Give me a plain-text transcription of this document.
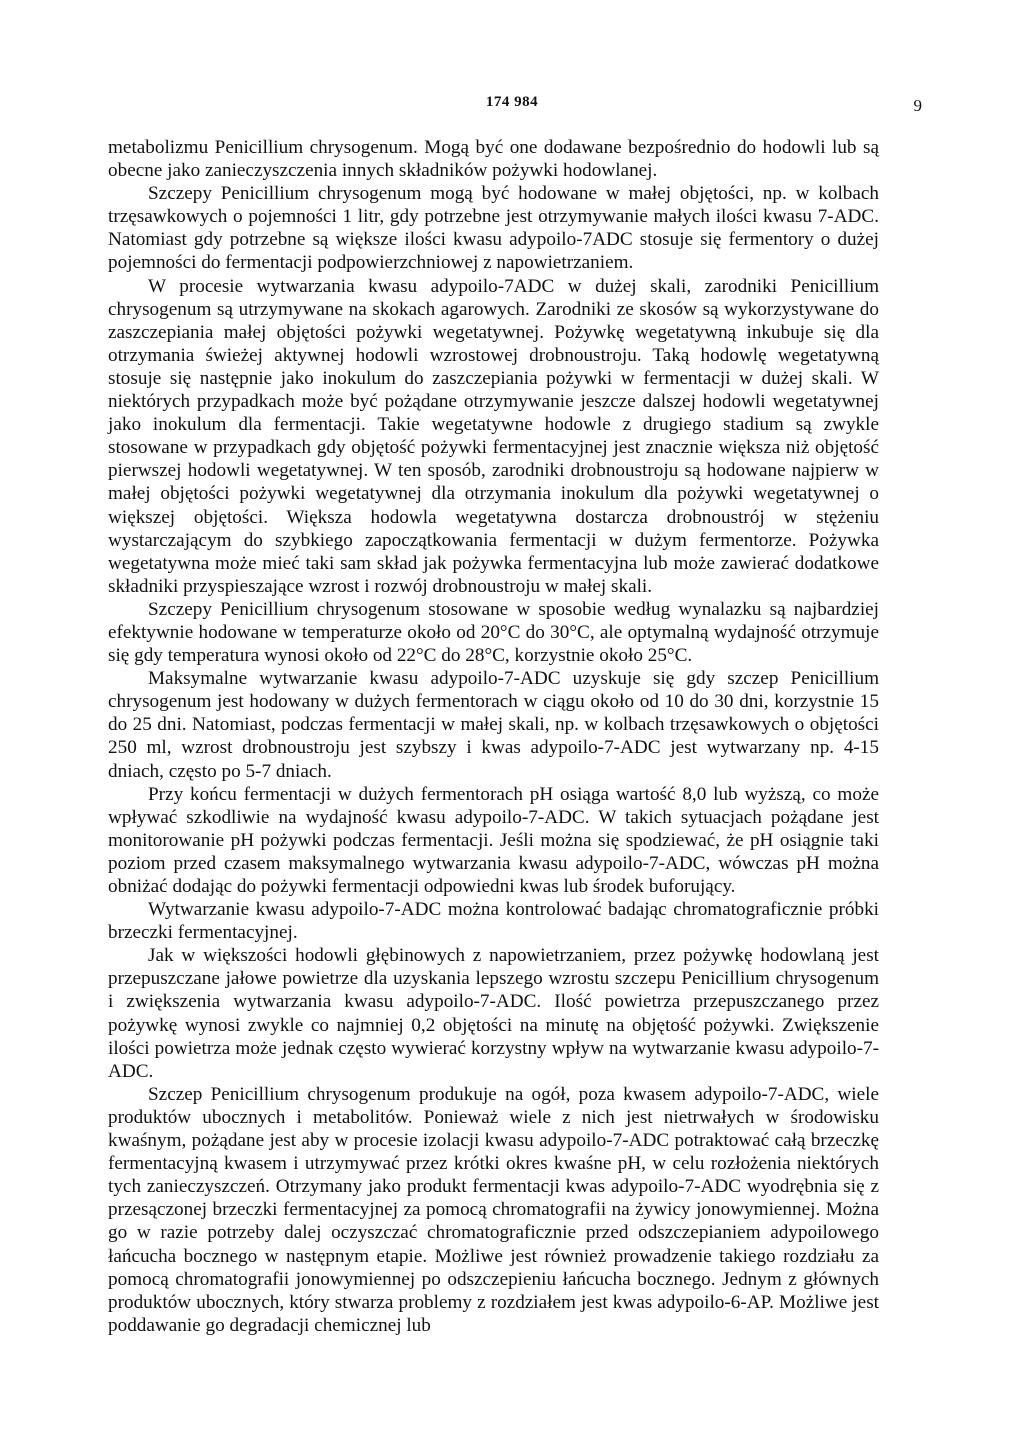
174 984	9

metabolizmu Penicillium chrysogenum. Mogą być one dodawane bezpośrednio do hodowli lub są obecne jako zanieczyszczenia innych składników pożywki hodowlanej.

Szczepy Penicillium chrysogenum mogą być hodowane w małej objętości, np. w kolbach trzęsawkowych o pojemności 1 litr, gdy potrzebne jest otrzymywanie małych ilości kwasu 7-ADC. Natomiast gdy potrzebne są większe ilości kwasu adypoilo-7ADC stosuje się fermentory o dużej pojemności do fermentacji podpowierzchniowej z napowietrzaniem.

W procesie wytwarzania kwasu adypoilo-7ADC w dużej skali, zarodniki Penicillium chrysogenum są utrzymywane na skokach agarowych. Zarodniki ze skosów są wykorzystywane do zaszczepiania małej objętości pożywki wegetatywnej. Pożywkę wegetatywną inkubuje się dla otrzymania świeżej aktywnej hodowli wzrostowej drobnoustroju. Taką hodowlę wegetatywną stosuje się następnie jako inokulum do zaszczepiania pożywki w fermentacji w dużej skali. W niektórych przypadkach może być pożądane otrzymywanie jeszcze dalszej hodowli wegetatywnej jako inokulum dla fermentacji. Takie wegetatywne hodowle z drugiego stadium są zwykle stosowane w przypadkach gdy objętość pożywki fermentacyjnej jest znacznie większa niż objętość pierwszej hodowli wegetatywnej. W ten sposób, zarodniki drobnoustroju są hodowane najpierw w małej objętości pożywki wegetatywnej dla otrzymania inokulum dla pożywki wegetatywnej o większej objętości. Większa hodowla wegetatywna dostarcza drobnoustrój w stężeniu wystarczającym do szybkiego zapoczątkowania fermentacji w dużym fermentorze. Pożywka wegetatywna może mieć taki sam skład jak pożywka fermentacyjna lub może zawierać dodatkowe składniki przyspieszające wzrost i rozwój drobnoustroju w małej skali.

Szczepy Penicillium chrysogenum stosowane w sposobie według wynalazku są najbardziej efektywnie hodowane w temperaturze około od 20°C do 30°C, ale optymalną wydajność otrzymuje się gdy temperatura wynosi około od 22°C do 28°C, korzystnie około 25°C.

Maksymalne wytwarzanie kwasu adypoilo-7-ADC uzyskuje się gdy szczep Penicillium chrysogenum jest hodowany w dużych fermentorach w ciągu około od 10 do 30 dni, korzystnie 15 do 25 dni. Natomiast, podczas fermentacji w małej skali, np. w kolbach trzęsawkowych o objętości 250 ml, wzrost drobnoustroju jest szybszy i kwas adypoilo-7-ADC jest wytwarzany np. 4-15 dniach, często po 5-7 dniach.

Przy końcu fermentacji w dużych fermentorach pH osiąga wartość 8,0 lub wyższą, co może wpływać szkodliwie na wydajność kwasu adypoilo-7-ADC. W takich sytuacjach pożądane jest monitorowanie pH pożywki podczas fermentacji. Jeśli można się spodziewać, że pH osiągnie taki poziom przed czasem maksymalnego wytwarzania kwasu adypoilo-7-ADC, wówczas pH można obniżać dodając do pożywki fermentacji odpowiedni kwas lub środek buforujący.

Wytwarzanie kwasu adypoilo-7-ADC można kontrolować badając chromatograficznie próbki brzeczki fermentacyjnej.

Jak w większości hodowli głębinowych z napowietrzaniem, przez pożywkę hodowlaną jest przepuszczane jałowe powietrze dla uzyskania lepszego wzrostu szczepu Penicillium chrysogenum i zwiększenia wytwarzania kwasu adypoilo-7-ADC. Ilość powietrza przepuszczanego przez pożywkę wynosi zwykle co najmniej 0,2 objętości na minutę na objętość pożywki. Zwiększenie ilości powietrza może jednak często wywierać korzystny wpływ na wytwarzanie kwasu adypoilo-7-ADC.

Szczep Penicillium chrysogenum produkuje na ogół, poza kwasem adypoilo-7-ADC, wiele produktów ubocznych i metabolitów. Ponieważ wiele z nich jest nietrwałych w środowisku kwaśnym, pożądane jest aby w procesie izolacji kwasu adypoilo-7-ADC potraktować całą brzeczkę fermentacyjną kwasem i utrzymywać przez krótki okres kwaśne pH, w celu rozłożenia niektórych tych zanieczyszczeń. Otrzymany jako produkt fermentacji kwas adypoilo-7-ADC wyodrębnia się z przesączonej brzeczki fermentacyjnej za pomocą chromatografii na żywicy jonowymiennej. Można go w razie potrzeby dalej oczyszczać chromatograficznie przed odszczepianiem adypoilowego łańcucha bocznego w następnym etapie. Możliwe jest również prowadzenie takiego rozdziału za pomocą chromatografii jonowymiennej po odszczepieniu łańcucha bocznego. Jednym z głównych produktów ubocznych, który stwarza problemy z rozdziałem jest kwas adypoilo-6-AP. Możliwe jest poddawanie go degradacji chemicznej lub
